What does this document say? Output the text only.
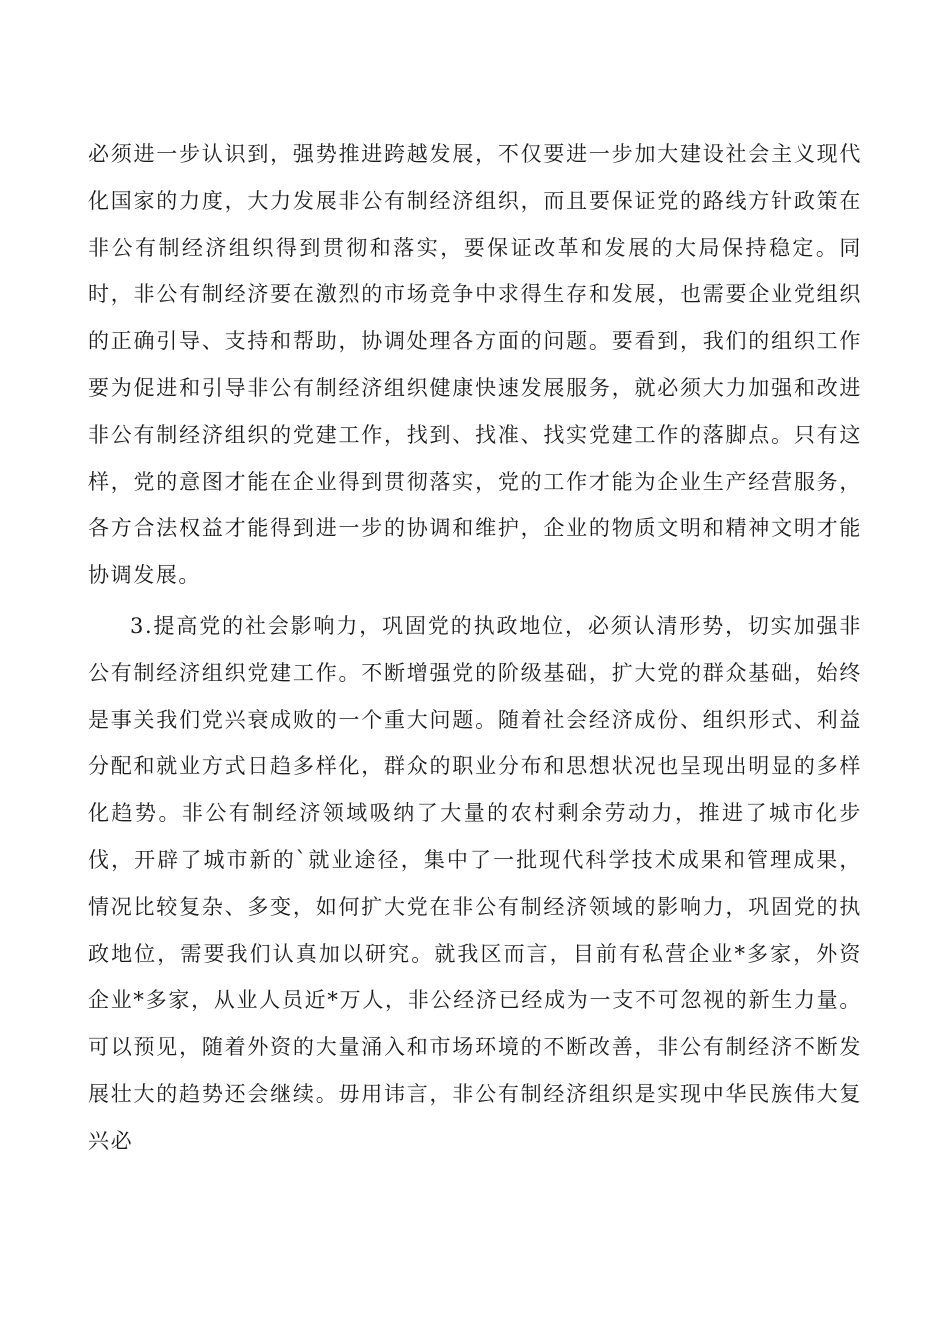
必须进一步认识到，强势推进跨越发展，不仅要进一步加大建设社会主义现代化国家的力度，大力发展非公有制经济组织，而且要保证党的路线方针政策在非公有制经济组织得到贯彻和落实，要保证改革和发展的大局保持稳定。同时，非公有制经济要在激烈的市场竞争中求得生存和发展，也需要企业党组织的正确引导、支持和帮助，协调处理各方面的问题。要看到，我们的组织工作要为促进和引导非公有制经济组织健康快速发展服务，就必须大力加强和改进非公有制经济组织的党建工作，找到、找准、找实党建工作的落脚点。只有这样，党的意图才能在企业得到贯彻落实，党的工作才能为企业生产经营服务，各方合法权益才能得到进一步的协调和维护，企业的物质文明和精神文明才能协调发展。

3.提高党的社会影响力，巩固党的执政地位，必须认清形势，切实加强非公有制经济组织党建工作。不断增强党的阶级基础，扩大党的群众基础，始终是事关我们党兴衰成败的一个重大问题。随着社会经济成份、组织形式、利益分配和就业方式日趋多样化，群众的职业分布和思想状况也呈现出明显的多样化趋势。非公有制经济领域吸纳了大量的农村剩余劳动力，推进了城市化步伐，开辟了城市新的`就业途径，集中了一批现代科学技术成果和管理成果，情况比较复杂、多变，如何扩大党在非公有制经济领域的影响力，巩固党的执政地位，需要我们认真加以研究。就我区而言，目前有私营企业*多家，外资企业*多家，从业人员近*万人，非公经济已经成为一支不可忽视的新生力量。可以预见，随着外资的大量涌入和市场环境的不断改善，非公有制经济不断发展壮大的趋势还会继续。毋用讳言，非公有制经济组织是实现中华民族伟大复兴必
